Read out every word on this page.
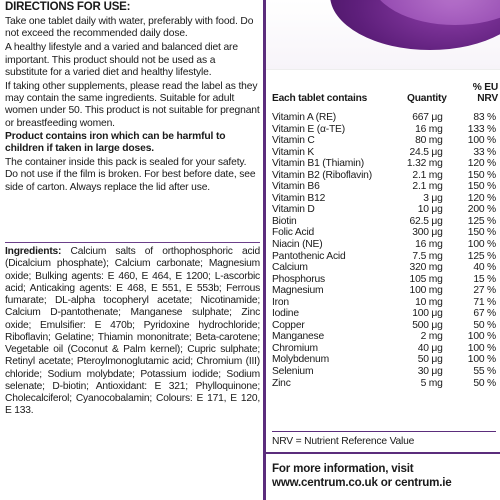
DIRECTIONS FOR USE:
Take one tablet daily with water, preferably with food. Do not exceed the recommended daily dose.
A healthy lifestyle and a varied and balanced diet are important. This product should not be used as a substitute for a varied diet and healthy lifestyle.
If taking other supplements, please read the label as they may contain the same ingredients. Suitable for adult women under 50. This product is not suitable for pregnant or breastfeeding women.
Product contains iron which can be harmful to children if taken in large doses.
The container inside this pack is sealed for your safety. Do not use if the film is broken. For best before date, see side of carton. Always replace the lid after use.
Ingredients: Calcium salts of orthophosphoric acid (Dicalcium phosphate); Calcium carbonate; Magnesium oxide; Bulking agents: E 460, E 464, E 1200; L-ascorbic acid; Anticaking agents: E 468, E 551, E 553b; Ferrous fumarate; DL-alpha tocopheryl acetate; Nicotinamide; Calcium D-pantothenate; Manganese sulphate; Zinc oxide; Emulsifier: E 470b; Pyridoxine hydrochloride; Riboflavin; Gelatine; Thiamin mononitrate; Beta-carotene; Vegetable oil (Coconut & Palm kernel); Cupric sulphate; Retinyl acetate; Pteroylmonoglutamic acid; Chromium (III) chloride; Sodium molybdate; Potassium iodide; Sodium selenate; D-biotin; Antioxidant: E 321; Phylloquinone; Cholecalciferol; Cyanocobalamin; Colours: E 171, E 120, E 133.
Each tablet contains	Quantity	% EU NRV
Vitamin A (RE)	667 μg	83 %
Vitamin E (α-TE)	16 mg	133 %
Vitamin C	80 mg	100 %
Vitamin K	24.5 μg	33 %
Vitamin B1 (Thiamin)	1.32 mg	120 %
Vitamin B2 (Riboflavin)	2.1 mg	150 %
Vitamin B6	2.1 mg	150 %
Vitamin B12	3 μg	120 %
Vitamin D	10 μg	200 %
Biotin	62.5 μg	125 %
Folic Acid	300 μg	150 %
Niacin (NE)	16 mg	100 %
Pantothenic Acid	7.5 mg	125 %
Calcium	320 mg	40 %
Phosphorus	105 mg	15 %
Magnesium	100 mg	27 %
Iron	10 mg	71 %
Iodine	100 μg	67 %
Copper	500 μg	50 %
Manganese	2 mg	100 %
Chromium	40 μg	100 %
Molybdenum	50 μg	100 %
Selenium	30 μg	55 %
Zinc	5 mg	50 %
NRV = Nutrient Reference Value
For more information, visit
www.centrum.co.uk or centrum.ie
